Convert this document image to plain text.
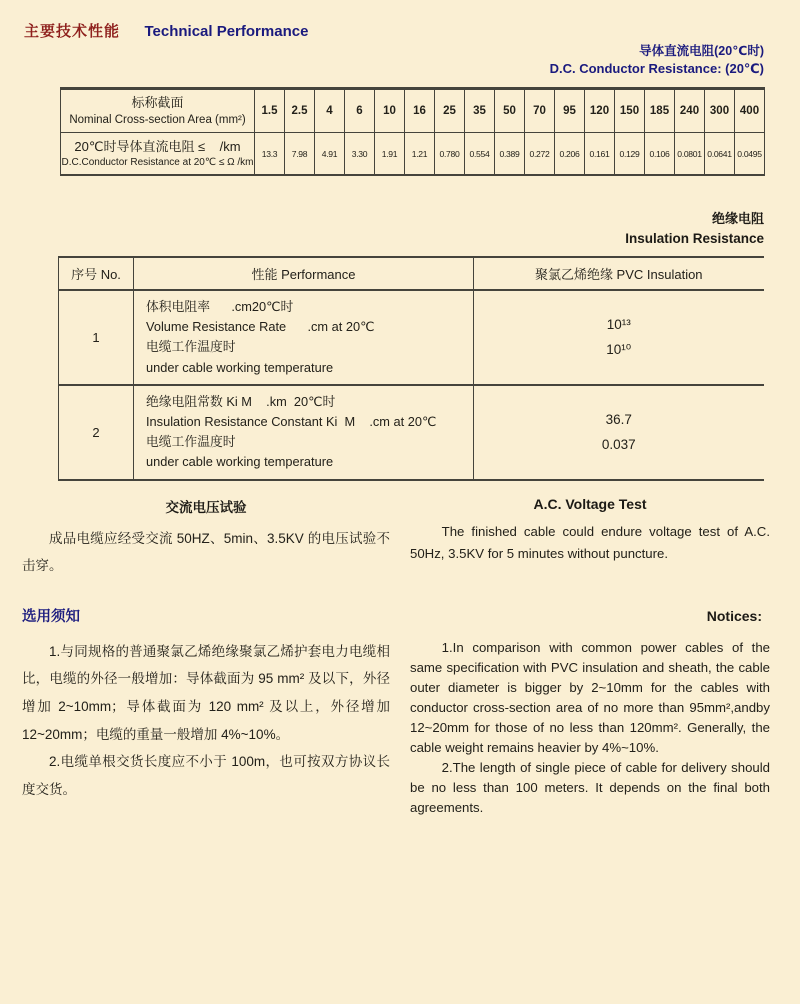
主要技术性能 Technical Performance
导体直流电阻(20℃时)
D.C. Conductor Resistance: (20℃)
标称截面
Nominal Cross-section Area (mm²)	1.5	2.5	4	6	10	16	25	35	50	70	95	120	150	185	240	300	400

20℃时导体直流电阻 ≤    /km
D.C.Conductor Resistance at 20℃ ≤ Ω /km	13.3	7.98	4.91	3.30	1.91	1.21	0.780	0.554	0.389	0.272	0.206	0.161	0.129	0.106	0.0801	0.0641	0.0495
绝缘电阻
Insulation Resistance
序号 No.	性能 Performance	聚氯乙烯绝缘 PVC Insulation
1	
体积电阻率      .cm20℃时
Volume Resistance Rate      .cm at 20℃
电缆工作温度时
under cable working temperature

10¹³
10¹⁰

2	
绝缘电阻常数 Ki M    .km  20℃时
Insulation Resistance Constant Ki  M    .cm at 20℃
电缆工作温度时
under cable working temperature

36.7
0.037
交流电压试验
成品电缆应经受交流 50HZ、5min、3.5KV 的电压试验不击穿。
A.C. Voltage Test
The finished cable could endure voltage test of A.C. 50Hz, 3.5KV for 5 minutes without puncture.
选用须知	Notices:

1.与同规格的普通聚氯乙烯绝缘聚氯乙烯护套电力电缆相比，电缆的外径一般增加：导体截面为 95 mm² 及以下，外径增加 2~10mm；导体截面为 120 mm² 及以上，外径增加 12~20mm；电缆的重量一般增加 4%~10%。

2.电缆单根交货长度应不小于 100m，也可按双方协议长度交货。

1.In comparison with common power cables of the same specification with PVC insulation and sheath, the cable outer diameter is bigger by 2~10mm for the cables with conductor cross-section area of no more than 95mm²,andby 12~20mm for those of no less than 120mm². Generally, the cable weight remains heavier by 4%~10%.

2.The length of single piece of cable for delivery should be no less than 100 meters. It depends on the final both agreements.
